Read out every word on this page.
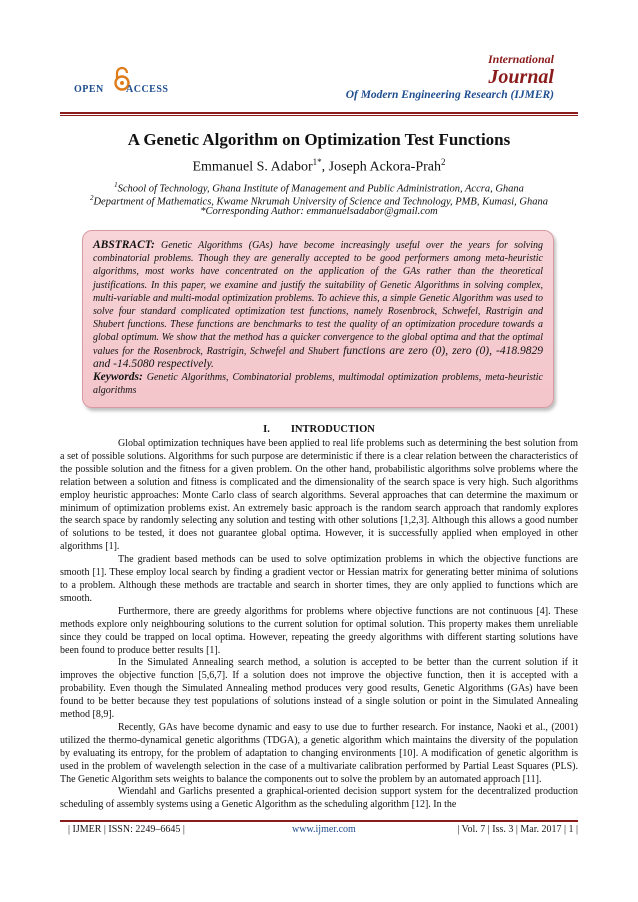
OPEN ACCESS
International
Journal
Of Modern Engineering Research (IJMER)
A Genetic Algorithm on Optimization Test Functions
Emmanuel S. Adabor$^{1*}$, Joseph Ackora-Prah$^2$
$^1$School of Technology, Ghana Institute of Management and Public Administration, Accra, Ghana
$^2$Department of Mathematics, Kwame Nkrumah University of Science and Technology, PMB, Kumasi, Ghana
*Corresponding Author: emmanuelsadabor@gmail.com

ABSTRACT: Genetic Algorithms (GAs) have become increasingly useful over the years for solving combinatorial problems. Though they are generally accepted to be good performers among meta-heuristic algorithms, most works have concentrated on the application of the GAs rather than the theoretical justifications. In this paper, we examine and justify the suitability of Genetic Algorithms in solving complex, multi-variable and multi-modal optimization problems. To achieve this, a simple Genetic Algorithm was used to solve four standard complicated optimization test functions, namely Rosenbrock, Schwefel, Rastrigin and Shubert functions. These functions are benchmarks to test the quality of an optimization procedure towards a global optimum. We show that the method has a quicker convergence to the global optima and that the optimal values for the Rosenbrock, Rastrigin, Schwefel and Shubert functions are zero (0), zero (0), -418.9829 and -14.5080 respectively.

Keywords: Genetic Algorithms, Combinatorial problems, multimodal optimization problems, meta-heuristic algorithms

I.        INTRODUCTION

Global optimization techniques have been applied to real life problems such as determining the best solution from a set of possible solutions. Algorithms for such purpose are deterministic if there is a clear relation between the characteristics of the possible solution and the fitness for a given problem. On the other hand, probabilistic algorithms solve problems where the relation between a solution and fitness is complicated and the dimensionality of the search space is very high. Such algorithms employ heuristic approaches: Monte Carlo class of search algorithms. Several approaches that can determine the maximum or minimum of optimization problems exist. An extremely basic approach is the random search approach that randomly explores the search space by randomly selecting any solution and testing with other solutions [1,2,3]. Although this allows a good number of solutions to be tested, it does not guarantee global optima. However, it is successfully applied when employed in other algorithms [1].

The gradient based methods can be used to solve optimization problems in which the objective functions are smooth [1]. These employ local search by finding a gradient vector or Hessian matrix for generating better minima of solutions to a problem. Although these methods are tractable and search in shorter times, they are only applied to functions which are smooth.

Furthermore, there are greedy algorithms for problems where objective functions are not continuous [4]. These methods explore only neighbouring solutions to the current solution for optimal solution. This property makes them unreliable since they could be trapped on local optima. However, repeating the greedy algorithms with different starting solutions have been found to produce better results [1].

In the Simulated Annealing search method, a solution is accepted to be better than the current solution if it improves the objective function [5,6,7]. If a solution does not improve the objective function, then it is accepted with a probability. Even though the Simulated Annealing method produces very good results, Genetic Algorithms (GAs) have been found to be better because they test populations of solutions instead of a single solution or point in the Simulated Annealing method [8,9].

Recently, GAs have become dynamic and easy to use due to further research. For instance, Naoki et al., (2001) utilized the thermo-dynamical genetic algorithms (TDGA), a genetic algorithm which maintains the diversity of the population by evaluating its entropy, for the problem of adaptation to changing environments [10]. A modification of genetic algorithm is used in the problem of wavelength selection in the case of a multivariate calibration performed by Partial Least Squares (PLS). The Genetic Algorithm sets weights to balance the components out to solve the problem by an automated approach [11].

Wiendahl and Garlichs presented a graphical-oriented decision support system for the decentralized production scheduling of assembly systems using a Genetic Algorithm as the scheduling algorithm [12]. In the

| IJMER | ISSN: 2249–6645 |	www.ijmer.com	| Vol. 7 | Iss. 3 | Mar. 2017 | 1 |
